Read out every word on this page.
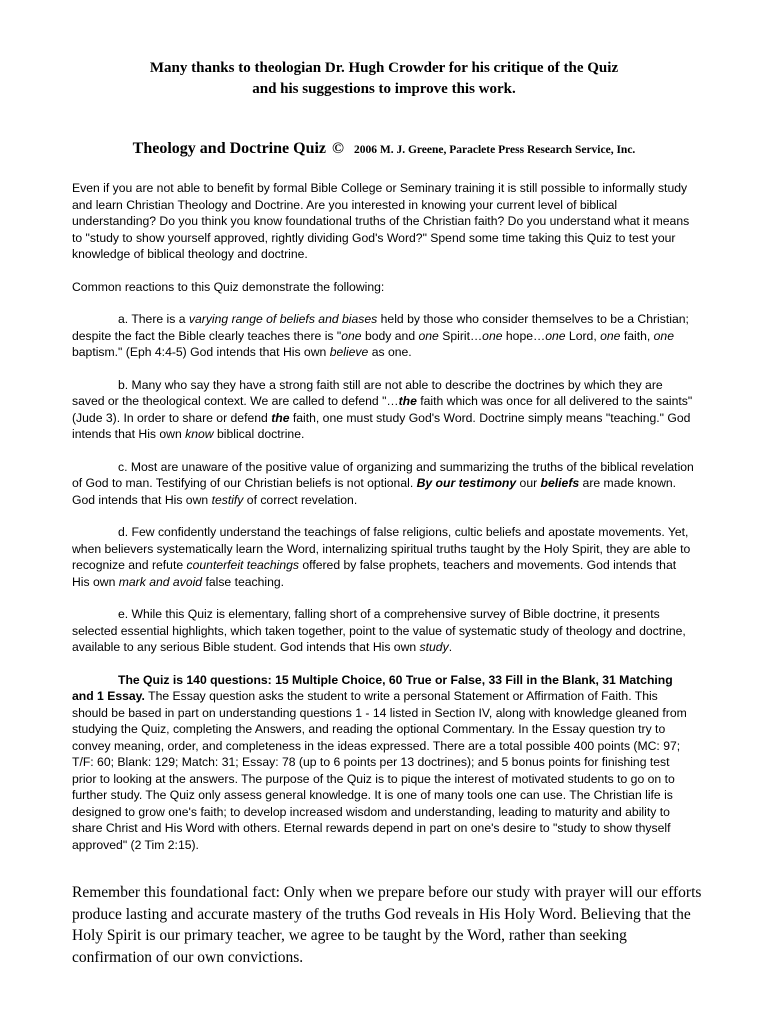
Many thanks to theologian Dr. Hugh Crowder for his critique of the Quiz
and his suggestions to improve this work.
Theology and Doctrine Quiz © 2006 M. J. Greene, Paraclete Press Research Service, Inc.

Even if you are not able to benefit by formal Bible College or Seminary training it is still possible to informally study and learn Christian Theology and Doctrine. Are you interested in knowing your current level of biblical understanding? Do you think you know foundational truths of the Christian faith? Do you understand what it means to "study to show yourself approved, rightly dividing God's Word?" Spend some time taking this Quiz to test your knowledge of biblical theology and doctrine.

Common reactions to this Quiz demonstrate the following:

a. There is a varying range of beliefs and biases held by those who consider themselves to be a Christian; despite the fact the Bible clearly teaches there is "one body and one Spirit…one hope…one Lord, one faith, one baptism." (Eph 4:4-5) God intends that His own believe as one.

b. Many who say they have a strong faith still are not able to describe the doctrines by which they are saved or the theological context. We are called to defend "…the faith which was once for all delivered to the saints" (Jude 3). In order to share or defend the faith, one must study God's Word. Doctrine simply means "teaching." God intends that His own know biblical doctrine.

c. Most are unaware of the positive value of organizing and summarizing the truths of the biblical revelation of God to man. Testifying of our Christian beliefs is not optional. By our testimony our beliefs are made known. God intends that His own testify of correct revelation.

d. Few confidently understand the teachings of false religions, cultic beliefs and apostate movements. Yet, when believers systematically learn the Word, internalizing spiritual truths taught by the Holy Spirit, they are able to recognize and refute counterfeit teachings offered by false prophets, teachers and movements. God intends that His own mark and avoid false teaching.

e. While this Quiz is elementary, falling short of a comprehensive survey of Bible doctrine, it presents selected essential highlights, which taken together, point to the value of systematic study of theology and doctrine, available to any serious Bible student. God intends that His own study.

The Quiz is 140 questions: 15 Multiple Choice, 60 True or False, 33 Fill in the Blank, 31 Matching and 1 Essay. The Essay question asks the student to write a personal Statement or Affirmation of Faith. This should be based in part on understanding questions 1 - 14 listed in Section IV, along with knowledge gleaned from studying the Quiz, completing the Answers, and reading the optional Commentary. In the Essay question try to convey meaning, order, and completeness in the ideas expressed. There are a total possible 400 points (MC: 97; T/F: 60; Blank: 129; Match: 31; Essay: 78 (up to 6 points per 13 doctrines); and 5 bonus points for finishing test prior to looking at the answers. The purpose of the Quiz is to pique the interest of motivated students to go on to further study. The Quiz only assess general knowledge. It is one of many tools one can use. The Christian life is designed to grow one's faith; to develop increased wisdom and understanding, leading to maturity and ability to share Christ and His Word with others. Eternal rewards depend in part on one's desire to "study to show thyself approved" (2 Tim 2:15).

Remember this foundational fact: Only when we prepare before our study with prayer will our efforts produce lasting and accurate mastery of the truths God reveals in His Holy Word. Believing that the Holy Spirit is our primary teacher, we agree to be taught by the Word, rather than seeking confirmation of our own convictions.
